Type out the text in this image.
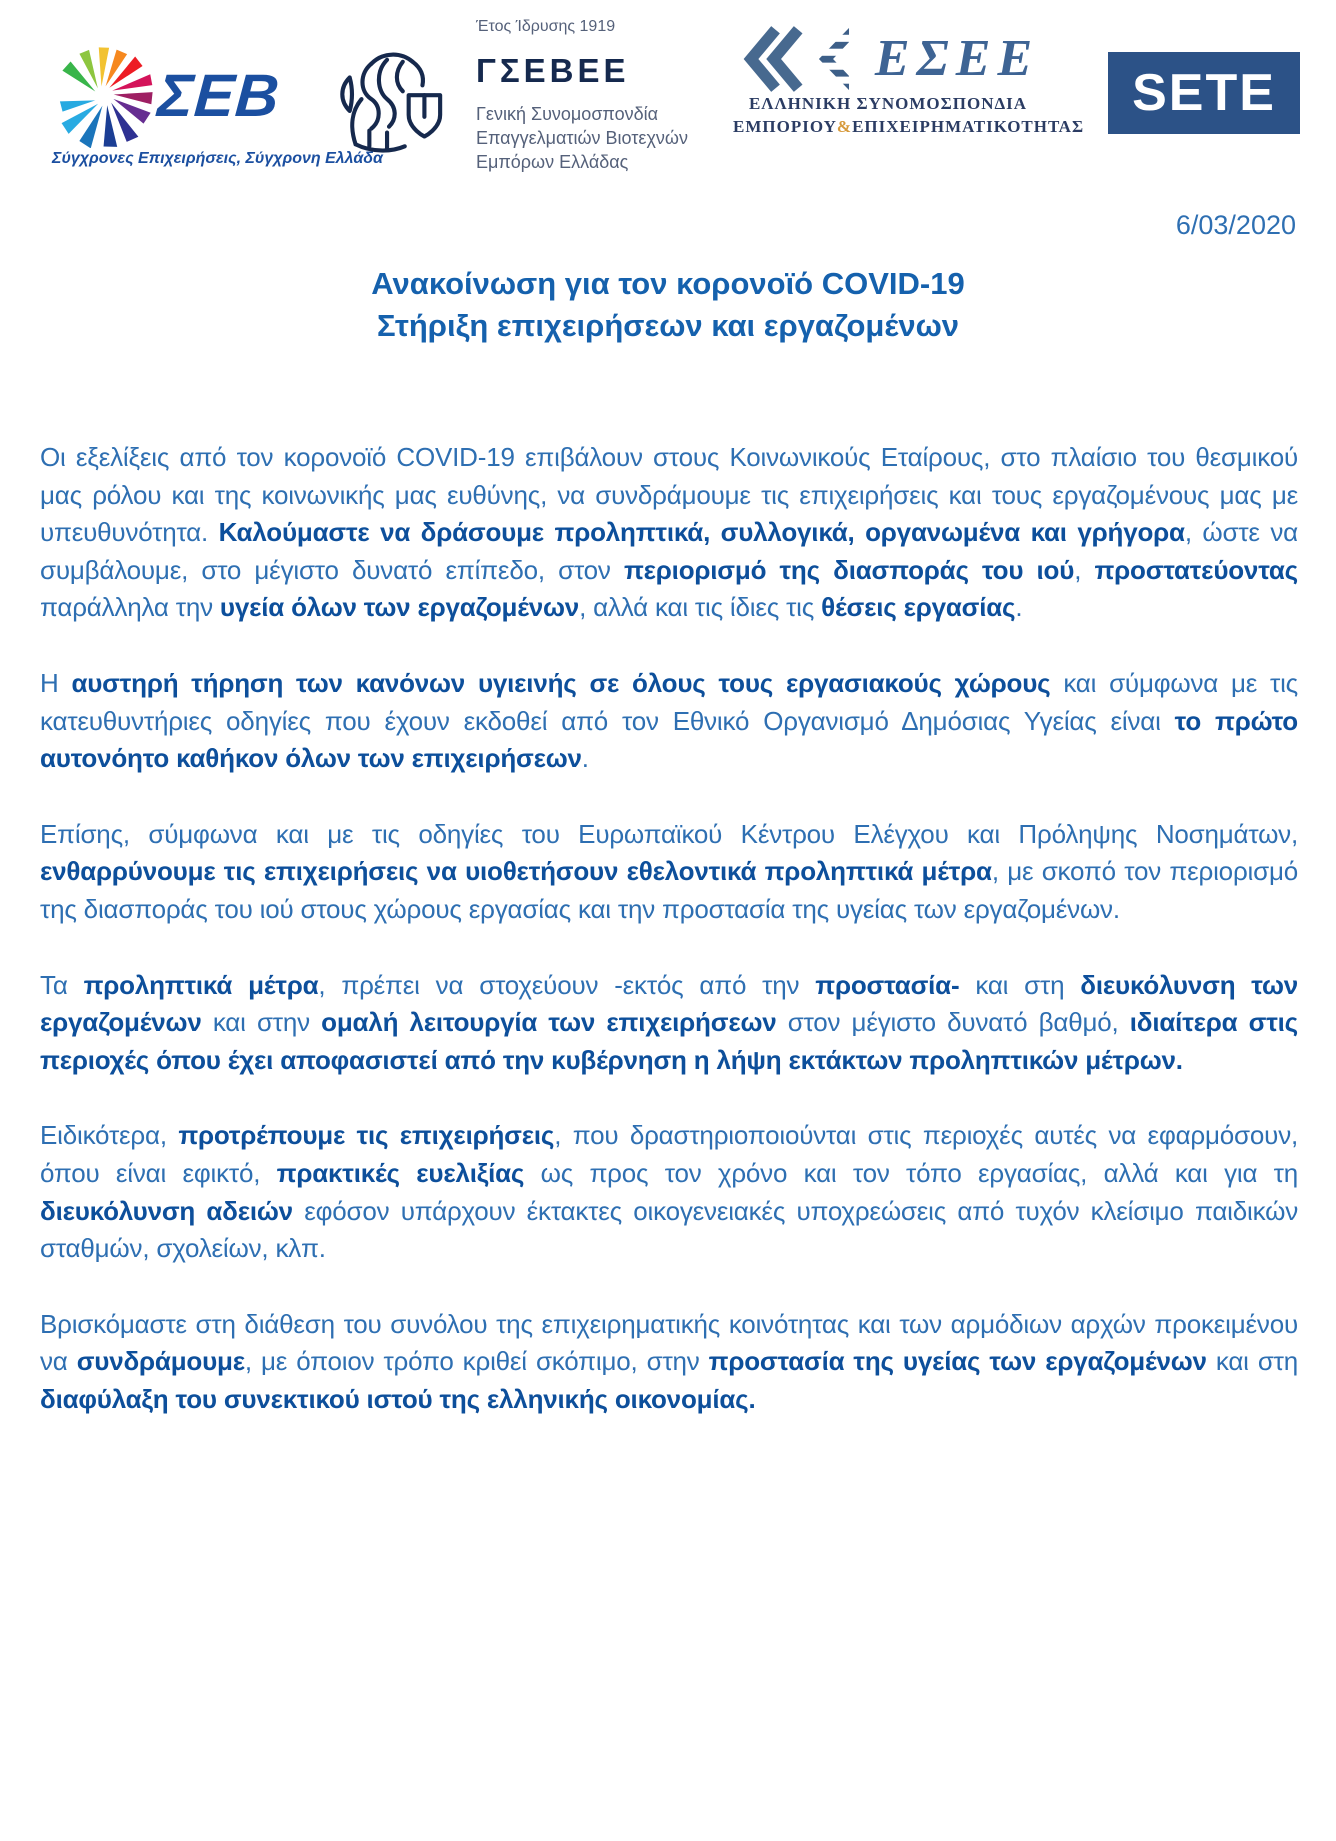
ΣΕΒ
Σύγχρονες Επιχειρήσεις, Σύγχρονη Ελλάδα
Έτος Ίδρυσης 1919
ΓΣΕΒΕΕ
Γενική Συνομοσπονδία
Επαγγελματιών Βιοτεχνών
Εμπόρων Ελλάδας
ΕΣΕΕ
ΕΛΛΗΝΙΚΗ ΣΥΝΟΜΟΣΠΟΝΔΙΑ
ΕΜΠΟΡΙΟΥ&ΕΠΙΧΕΙΡΗΜΑΤΙΚΟΤΗΤΑΣ
SETE
6/03/2020
Ανακοίνωση για τον κορονοϊό COVID-19
Στήριξη επιχειρήσεων και εργαζομένων

Οι εξελίξεις από τον κορονοϊό COVID-19 επιβάλουν στους Κοινωνικούς Εταίρους, στο πλαίσιο του θεσμικού μας ρόλου και της κοινωνικής μας ευθύνης, να συνδράμουμε τις επιχειρήσεις και τους εργαζομένους μας με υπευθυνότητα. Καλούμαστε να δράσουμε προληπτικά, συλλογικά, οργανωμένα και γρήγορα, ώστε να συμβάλουμε, στο μέγιστο δυνατό επίπεδο, στον περιορισμό της διασποράς του ιού, προστατεύοντας παράλληλα την υγεία όλων των εργαζομένων, αλλά και τις ίδιες τις θέσεις εργασίας.

Η αυστηρή τήρηση των κανόνων υγιεινής σε όλους τους εργασιακούς χώρους και σύμφωνα με τις κατευθυντήριες οδηγίες που έχουν εκδοθεί από τον Εθνικό Οργανισμό Δημόσιας Υγείας είναι το πρώτο αυτονόητο καθήκον όλων των επιχειρήσεων.

Επίσης, σύμφωνα και με τις οδηγίες του Ευρωπαϊκού Κέντρου Ελέγχου και Πρόληψης Νοσημάτων, ενθαρρύνουμε τις επιχειρήσεις να υιοθετήσουν εθελοντικά προληπτικά μέτρα, με σκοπό τον περιορισμό της διασποράς του ιού στους χώρους εργασίας και την προστασία της υγείας των εργαζομένων.

Τα προληπτικά μέτρα, πρέπει να στοχεύουν -εκτός από την προστασία- και στη διευκόλυνση των εργαζομένων και στην ομαλή λειτουργία των επιχειρήσεων στον μέγιστο δυνατό βαθμό, ιδιαίτερα στις περιοχές όπου έχει αποφασιστεί από την κυβέρνηση η λήψη εκτάκτων προληπτικών μέτρων.

Ειδικότερα, προτρέπουμε τις επιχειρήσεις, που δραστηριοποιούνται στις περιοχές αυτές να εφαρμόσουν, όπου είναι εφικτό, πρακτικές ευελιξίας ως προς τον χρόνο και τον τόπο εργασίας, αλλά και για τη διευκόλυνση αδειών εφόσον υπάρχουν έκτακτες οικογενειακές υποχρεώσεις από τυχόν κλείσιμο παιδικών σταθμών, σχολείων, κλπ.

Βρισκόμαστε στη διάθεση του συνόλου της επιχειρηματικής κοινότητας και των αρμόδιων αρχών προκειμένου να συνδράμουμε, με όποιον τρόπο κριθεί σκόπιμο, στην προστασία της υγείας των εργαζομένων και στη διαφύλαξη του συνεκτικού ιστού της ελληνικής οικονομίας.
